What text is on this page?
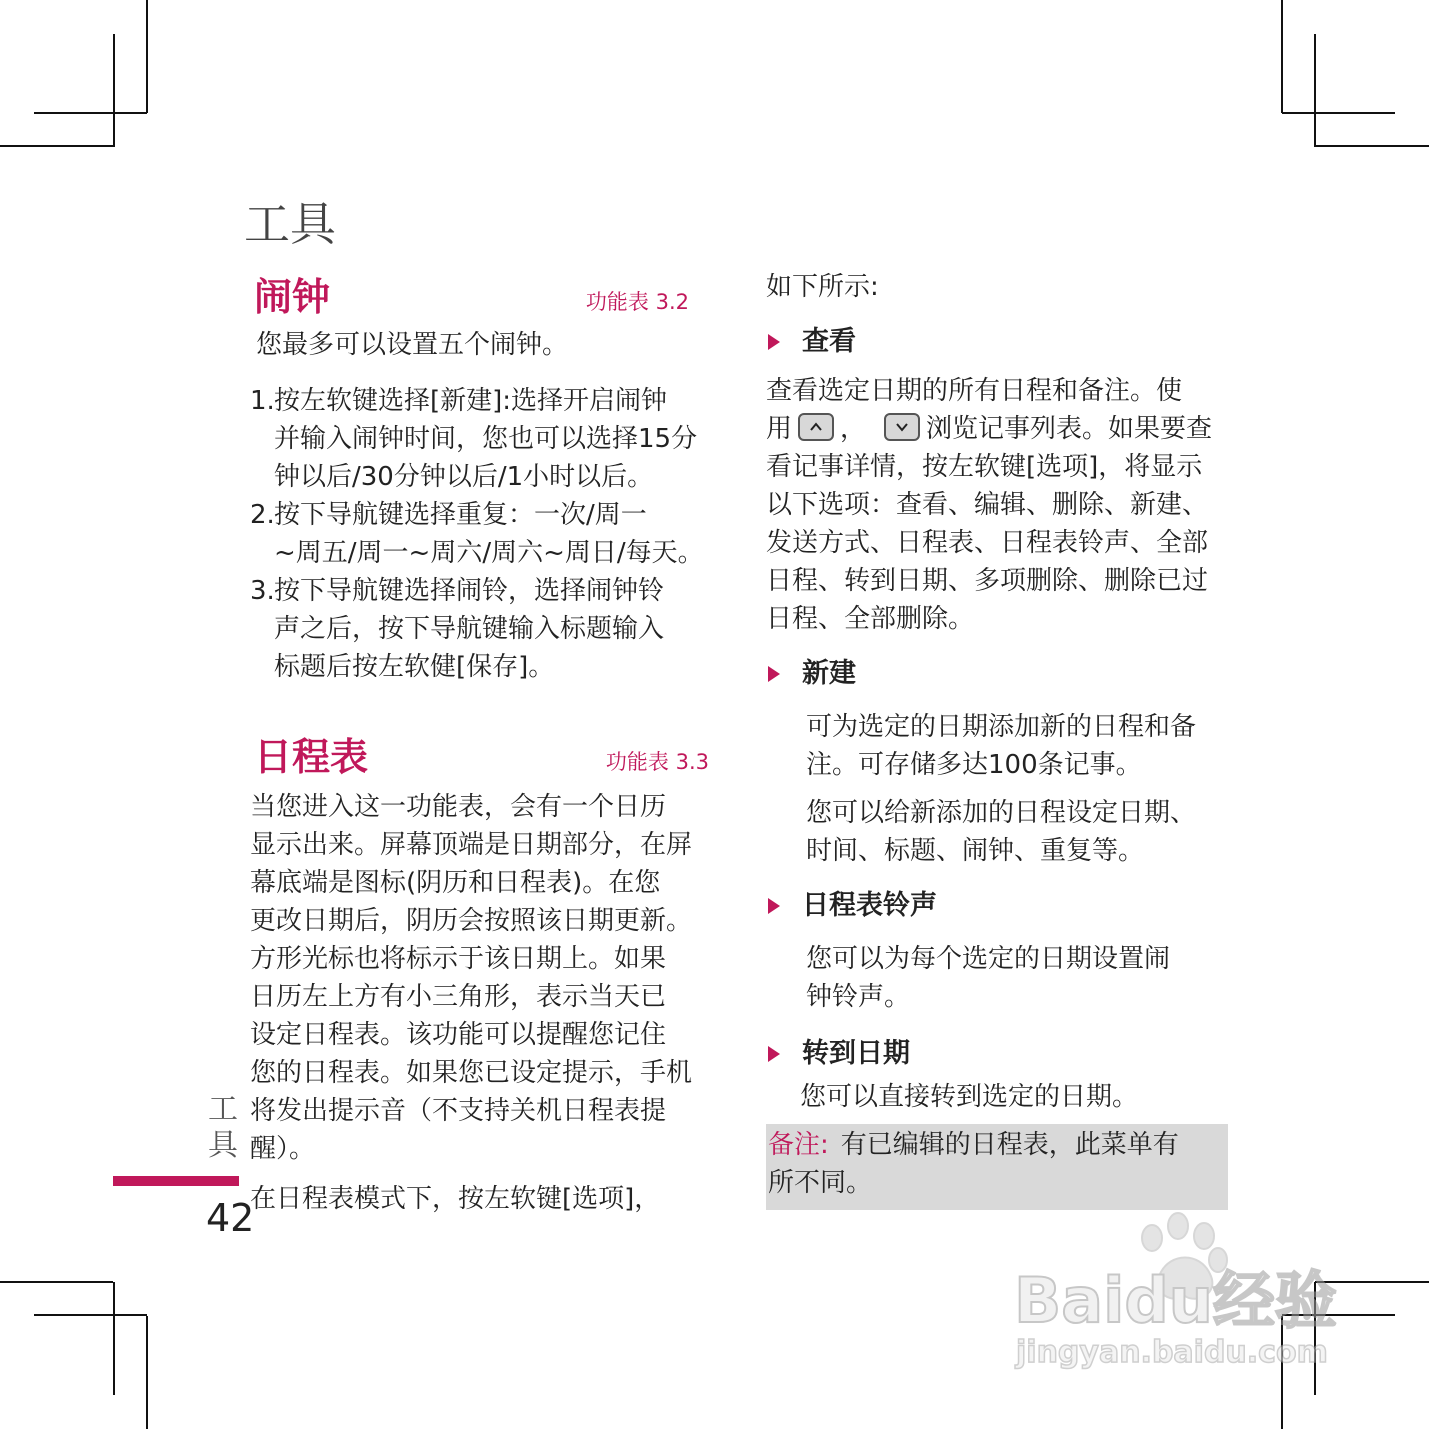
工具
闹钟	功能表 3.2

您最多可以设置五个闹钟。

1. 按左软键选择[新建]:选择开启闹钟
并输入闹钟时间，您也可以选择15分
钟以后/30分钟以后/1小时以后。
2. 按下导航键选择重复：一次/周一
~周五/周一~周六/周六~周日/每天。
3. 按下导航键选择闹铃，选择闹钟铃
声之后，按下导航键输入标题输入
标题后按左软健[保存]。
日程表	功能表 3.3
当您进入这一功能表，会有一个日历
显示出来。屏幕顶端是日期部分，在屏
幕底端是图标(阴历和日程表)。在您
更改日期后，阴历会按照该日期更新。
方形光标也将标示于该日期上。如果
日历左上方有小三角形，表示当天已
设定日程表。该功能可以提醒您记住
您的日程表。如果您已设定提示，手机
将发出提示音（不支持关机日程表提
醒）。
在日程表模式下，按左软键[选项]，
如下所示:
查看
查看选定日期的所有日程和备注。使
用 ， 浏览记事列表。如果要查
看记事详情，按左软键[选项]，将显示
以下选项：查看、编辑、删除、新建、
发送方式、日程表、日程表铃声、全部
日程、转到日期、多项删除、删除已过
日程、全部删除。
新建
可为选定的日期添加新的日程和备
注。可存储多达100条记事。
您可以给新添加的日程设定日期、
时间、标题、闹钟、重复等。
日程表铃声
您可以为每个选定的日期设置闹
钟铃声。
转到日期
您可以直接转到选定的日期。
备注: 有已编辑的日程表，此菜单有
所不同。
工具
42
Baidu经验
jingyan.baidu.com
